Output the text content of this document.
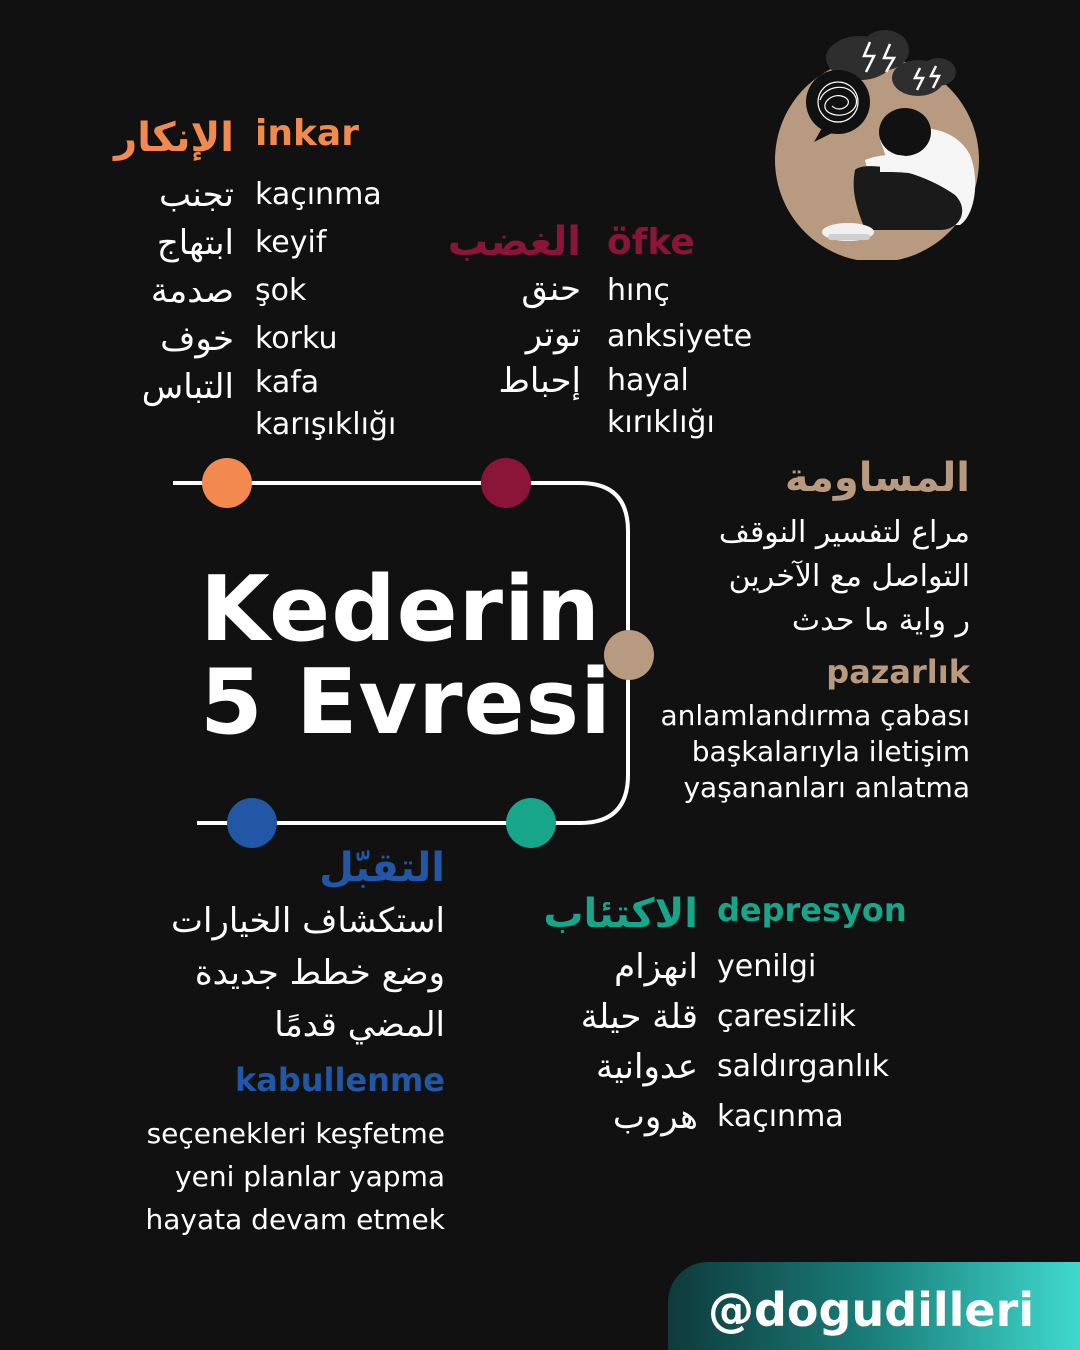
الإنكار inkar
تجنب
ابتهاج
صدمة
خوف
التباس
kaçınma
keyif
şok
korku
kafa
karışıklığı
الغضب öfke
حنق
توتر
إحباط
hınç
anksiyete
hayal
kırıklığı
Kederin
5 Evresi
المساومة
مراع لتفسير النوقف
التواصل مع الآخرين
ر واية ما حدث
pazarlık
anlamlandırma çabası
başkalarıyla iletişim
yaşananları anlatma
التقبّل
استكشاف الخيارات
وضع خطط جديدة
المضي قدمًا
kabullenme
seçenekleri keşfetme
yeni planlar yapma
hayata devam etmek
الاكتئاب depresyon
انهزام
قلة حيلة
عدوانية
هروب
yenilgi
çaresizlik
saldırganlık
kaçınma
@dogudilleri
